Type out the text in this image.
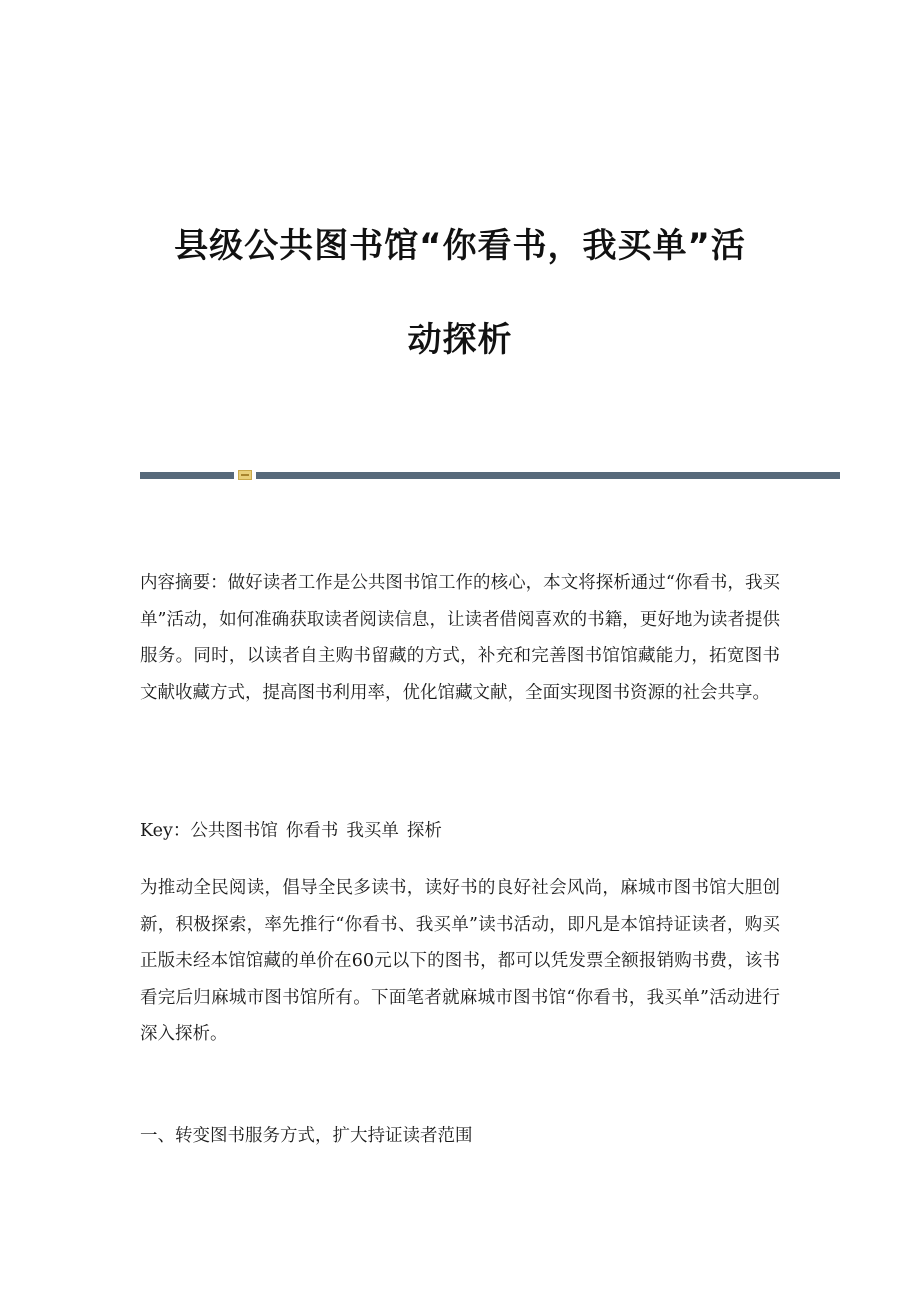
县级公共图书馆“你看书，我买单”活
动探析

内容摘要：做好读者工作是公共图书馆工作的核心，本文将探析通过“你看书，我买单”活动，如何准确获取读者阅读信息，让读者借阅喜欢的书籍，更好地为读者提供服务。同时，以读者自主购书留藏的方式，补充和完善图书馆馆藏能力，拓宽图书文献收藏方式，提高图书利用率，优化馆藏文献，全面实现图书资源的社会共享。

Key：公共图书馆 你看书 我买单 探析

为推动全民阅读，倡导全民多读书，读好书的良好社会风尚，麻城市图书馆大胆创新，积极探索，率先推行“你看书、我买单”读书活动，即凡是本馆持证读者，购买正版未经本馆馆藏的单价在60元以下的图书，都可以凭发票全额报销购书费，该书看完后归麻城市图书馆所有。下面笔者就麻城市图书馆“你看书，我买单”活动进行深入探析。

一、转变图书服务方式，扩大持证读者范围
